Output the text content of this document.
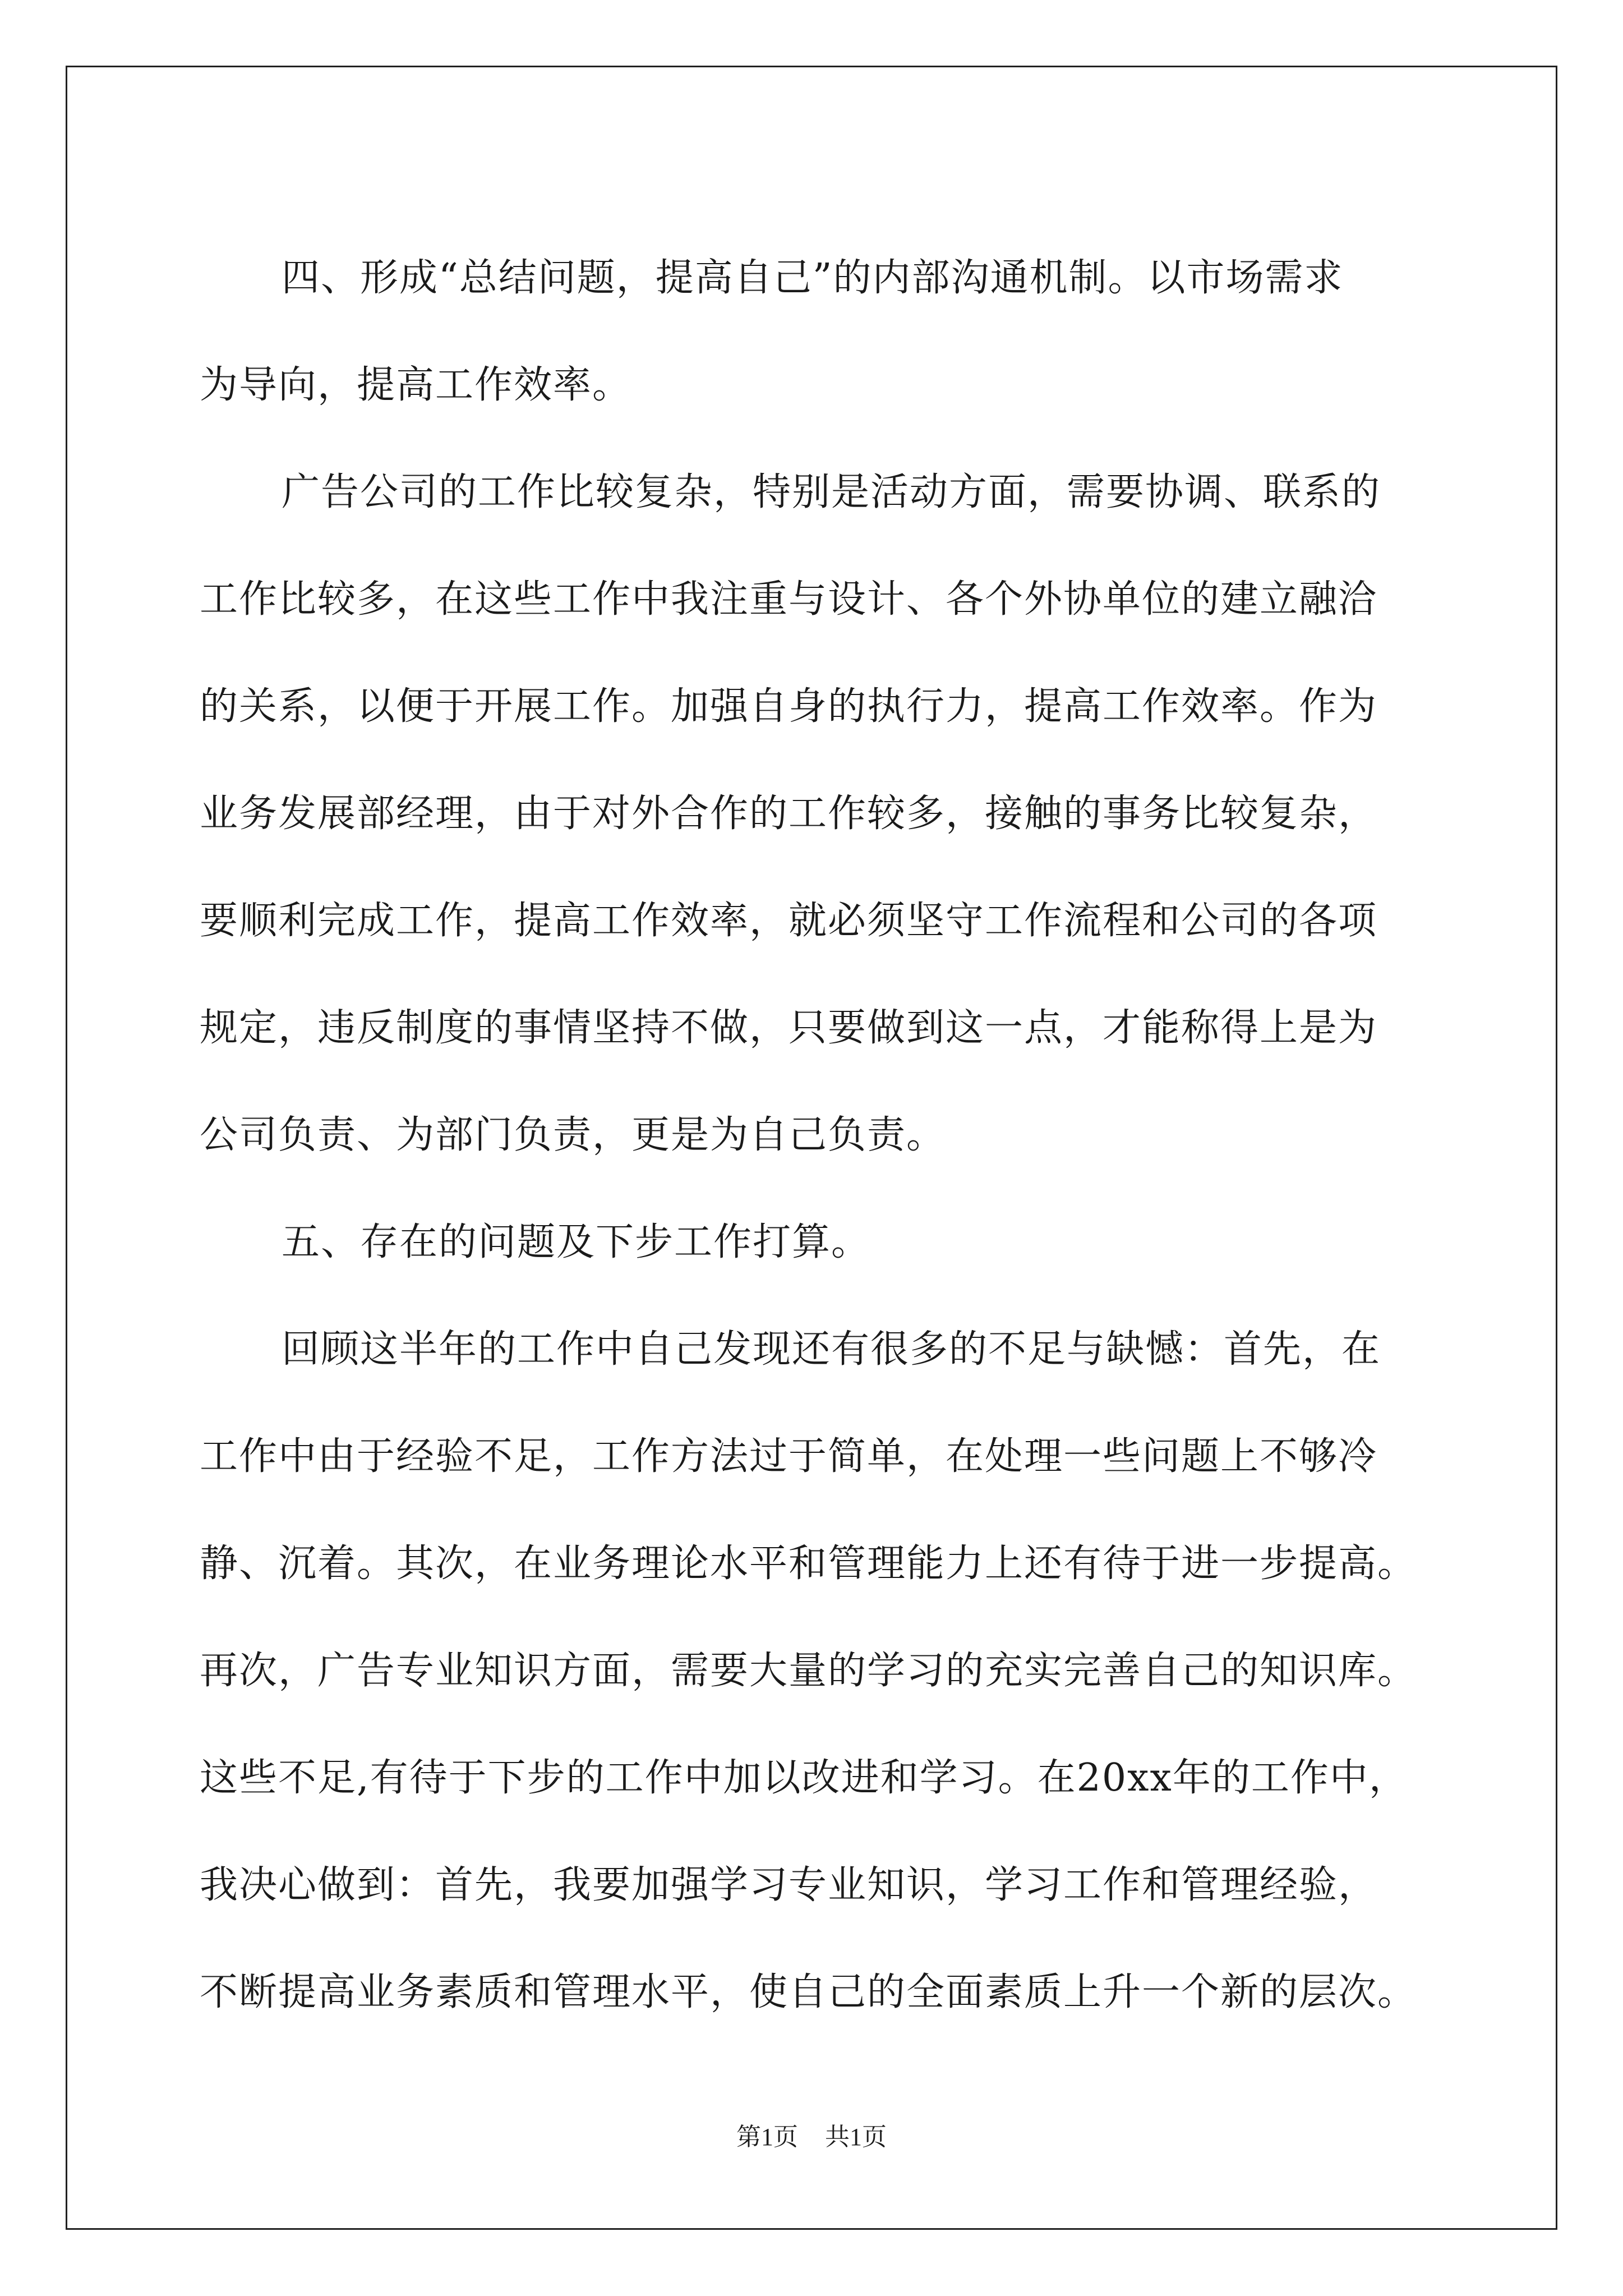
四、形成“总结问题，提高自己”的内部沟通机制。以市场需求
为导向，提高工作效率。
广告公司的工作比较复杂，特别是活动方面，需要协调、联系的
工作比较多，在这些工作中我注重与设计、各个外协单位的建立融洽
的关系，以便于开展工作。加强自身的执行力，提高工作效率。作为
业务发展部经理，由于对外合作的工作较多，接触的事务比较复杂，
要顺利完成工作，提高工作效率，就必须坚守工作流程和公司的各项
规定，违反制度的事情坚持不做，只要做到这一点，才能称得上是为
公司负责、为部门负责，更是为自己负责。
五、存在的问题及下步工作打算。
回顾这半年的工作中自己发现还有很多的不足与缺憾：首先，在
工作中由于经验不足，工作方法过于简单，在处理一些问题上不够冷
静、沉着。其次，在业务理论水平和管理能力上还有待于进一步提高。
再次，广告专业知识方面，需要大量的学习的充实完善自己的知识库。
这些不足,有待于下步的工作中加以改进和学习。在20xx年的工作中，
我决心做到：首先，我要加强学习专业知识，学习工作和管理经验，
不断提高业务素质和管理水平，使自己的全面素质上升一个新的层次。
第1页 共1页
